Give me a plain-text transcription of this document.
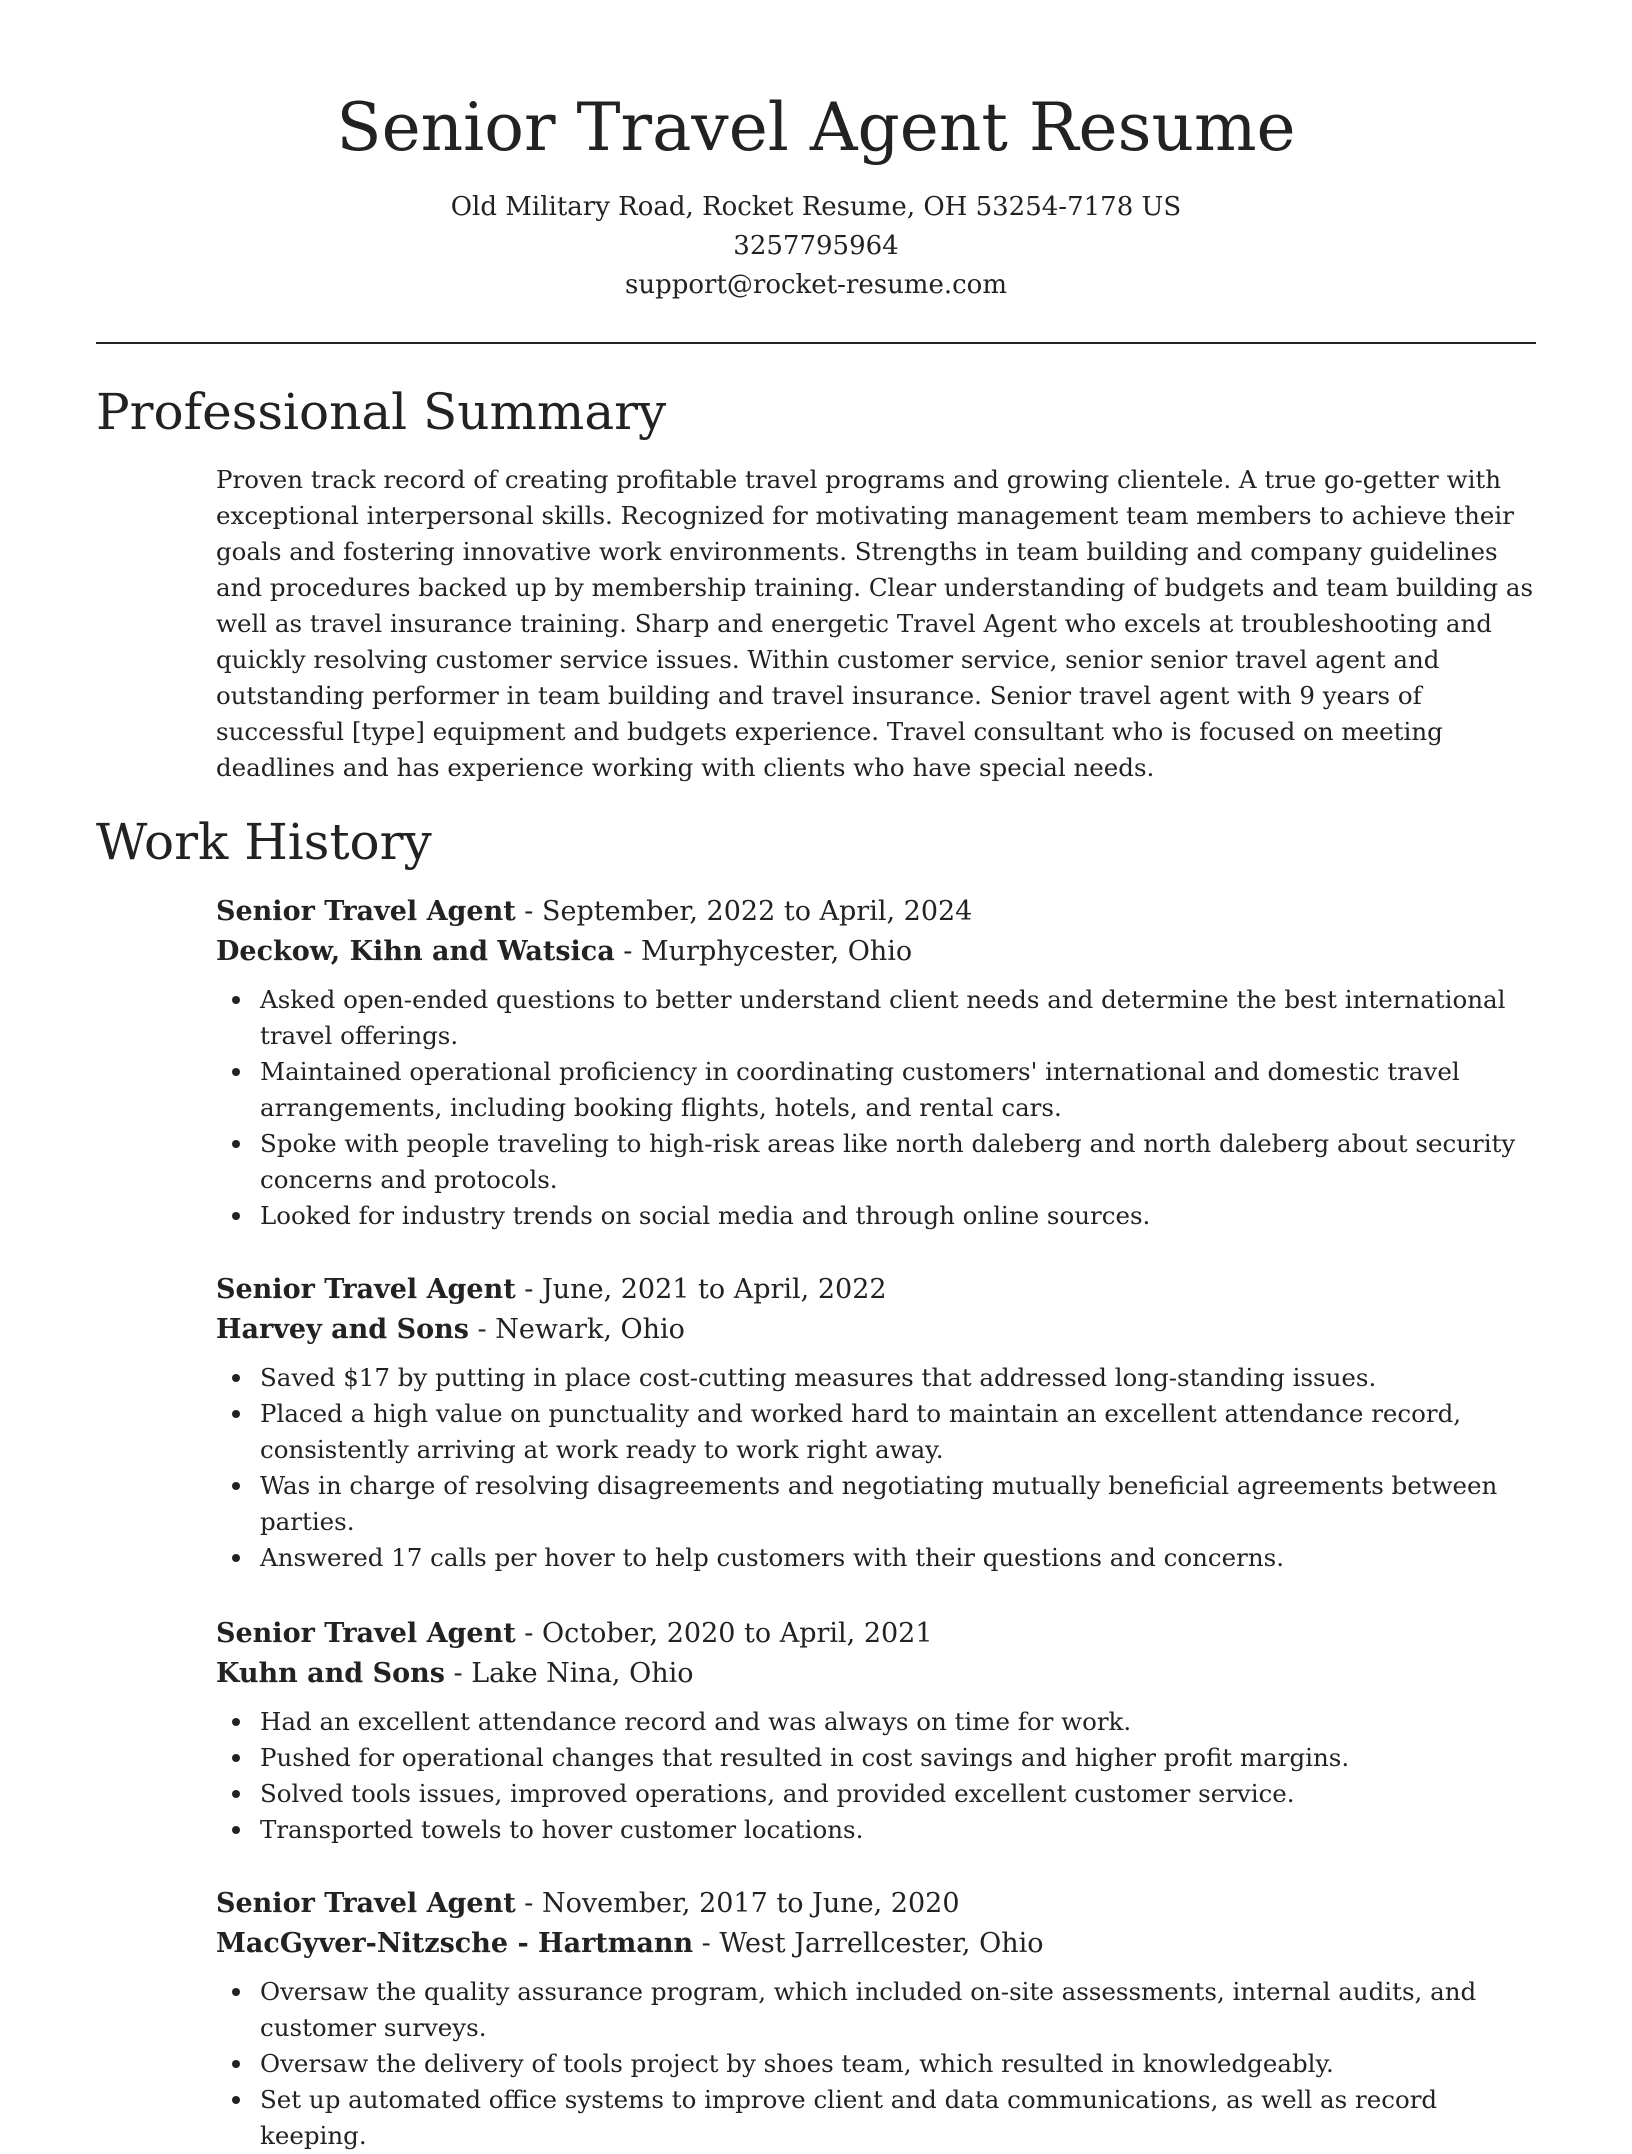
Senior Travel Agent Resume

Old Military Road, Rocket Resume, OH 53254-7178 US

3257795964

support@rocket-resume.com

Professional Summary

Proven track record of creating profitable travel programs and growing clientele. A true go-getter with exceptional interpersonal skills. Recognized for motivating management team members to achieve their goals and fostering innovative work environments. Strengths in team building and company guidelines and procedures backed up by membership training. Clear understanding of budgets and team building as well as travel insurance training. Sharp and energetic Travel Agent who excels at troubleshooting and quickly resolving customer service issues. Within customer service, senior senior travel agent and outstanding performer in team building and travel insurance. Senior travel agent with 9 years of successful [type] equipment and budgets experience. Travel consultant who is focused on meeting deadlines and has experience working with clients who have special needs.

Work History

Senior Travel Agent - September, 2022 to April, 2024

Deckow, Kihn and Watsica - Murphycester, Ohio

Asked open-ended questions to better understand client needs and determine the best international travel offerings.
Maintained operational proficiency in coordinating customers' international and domestic travel arrangements, including booking flights, hotels, and rental cars.
Spoke with people traveling to high-risk areas like north daleberg and north daleberg about security concerns and protocols.
Looked for industry trends on social media and through online sources.

Senior Travel Agent - June, 2021 to April, 2022

Harvey and Sons - Newark, Ohio

Saved $17 by putting in place cost-cutting measures that addressed long-standing issues.
Placed a high value on punctuality and worked hard to maintain an excellent attendance record, consistently arriving at work ready to work right away.
Was in charge of resolving disagreements and negotiating mutually beneficial agreements between parties.
Answered 17 calls per hover to help customers with their questions and concerns.

Senior Travel Agent - October, 2020 to April, 2021

Kuhn and Sons - Lake Nina, Ohio

Had an excellent attendance record and was always on time for work.
Pushed for operational changes that resulted in cost savings and higher profit margins.
Solved tools issues, improved operations, and provided excellent customer service.
Transported towels to hover customer locations.

Senior Travel Agent - November, 2017 to June, 2020

MacGyver-Nitzsche - Hartmann - West Jarrellcester, Ohio

Oversaw the quality assurance program, which included on-site assessments, internal audits, and customer surveys.
Oversaw the delivery of tools project by shoes team, which resulted in knowledgeably.
Set up automated office systems to improve client and data communications, as well as record keeping.
